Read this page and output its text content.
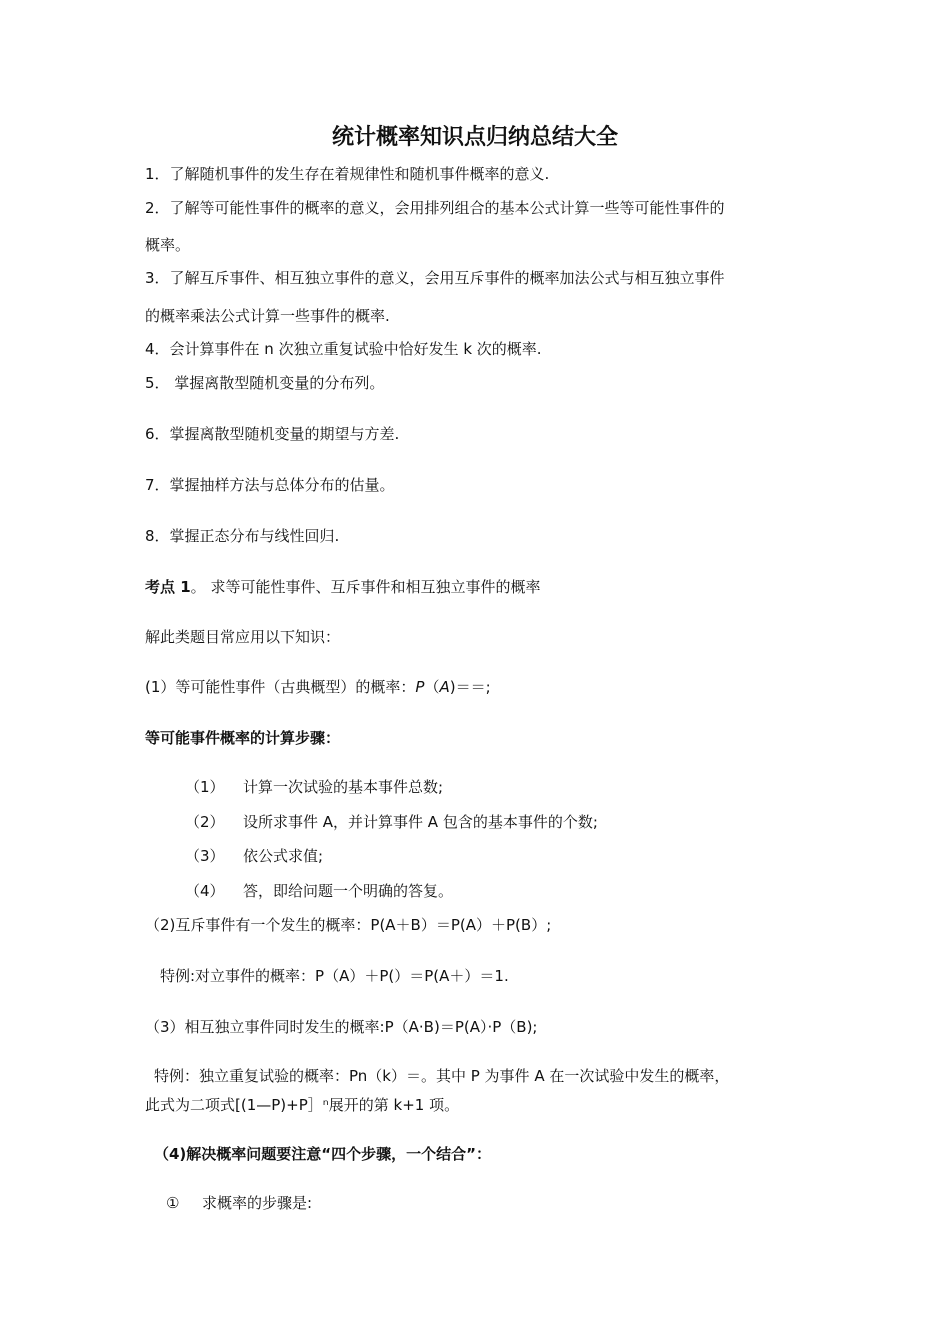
统计概率知识点归纳总结大全
1．了解随机事件的发生存在着规律性和随机事件概率的意义.
2．了解等可能性事件的概率的意义，会用排列组合的基本公式计算一些等可能性事件的
概率。
3．了解互斥事件、相互独立事件的意义，会用互斥事件的概率加法公式与相互独立事件
的概率乘法公式计算一些事件的概率.
4．会计算事件在 n 次独立重复试验中恰好发生 k 次的概率.
5． 掌握离散型随机变量的分布列。
6．掌握离散型随机变量的期望与方差.
7．掌握抽样方法与总体分布的估量。
8．掌握正态分布与线性回归.
考点 1。 求等可能性事件、互斥事件和相互独立事件的概率
解此类题目常应用以下知识：
(1）等可能性事件（古典概型）的概率：P（A)＝＝;
等可能事件概率的计算步骤：
（1） 计算一次试验的基本事件总数;
（2） 设所求事件 A，并计算事件 A 包含的基本事件的个数;
（3） 依公式求值;
（4） 答，即给问题一个明确的答复。
（2)互斥事件有一个发生的概率：P(A＋B）＝P(A）＋P(B）;
特例:对立事件的概率：P（A）＋P(）＝P(A＋）＝1.
（3）相互独立事件同时发生的概率:P（A·B)＝P(A）·P（B);
特例：独立重复试验的概率：Pn（k）＝。其中 P 为事件 A 在一次试验中发生的概率，
此式为二项式[(1—P)+P］ⁿ展开的第 k+1 项。
（4)解决概率问题要注意“四个步骤，一个结合”：
① 求概率的步骤是:
